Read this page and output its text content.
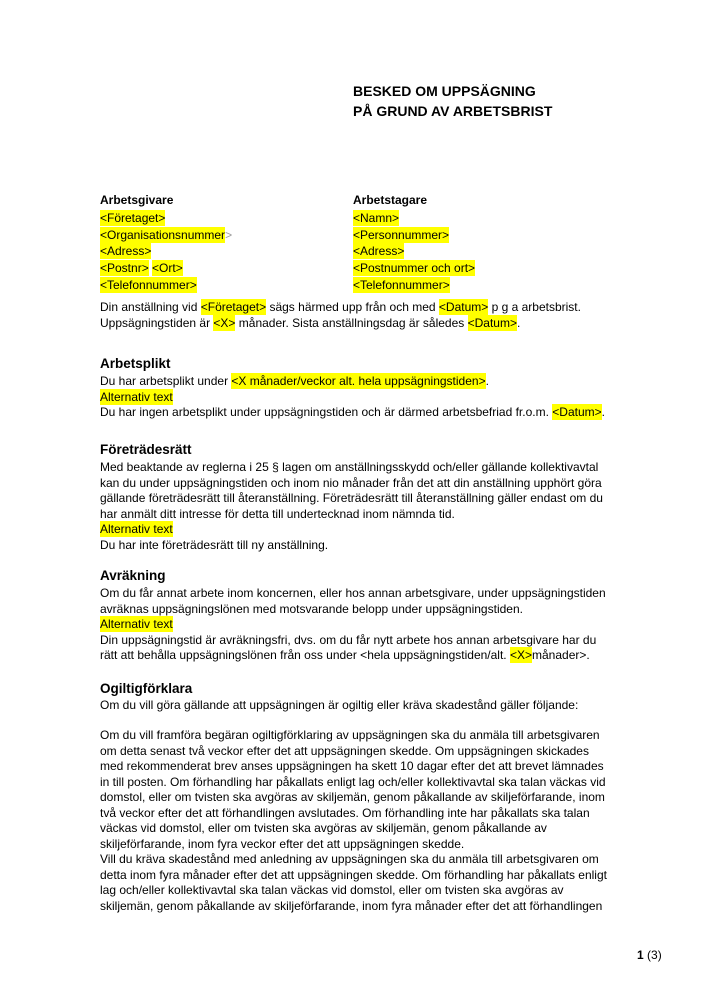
BESKED OM UPPSÄGNING
PÅ GRUND AV ARBETSBRIST
Arbetsgivare
<Företaget>
<Organisationsnummer>
<Adress>
<Postnr> <Ort>
<Telefonnummer>
Arbetstagare
<Namn>
<Personnummer>
<Adress>
<Postnummer och ort>
<Telefonnummer>
Din anställning vid <Företaget> sägs härmed upp från och med <Datum> p g a arbetsbrist.
Uppsägningstiden är <X> månader. Sista anställningsdag är således <Datum>.
Arbetsplikt
Du har arbetsplikt under <X månader/veckor alt. hela uppsägningstiden>.
Alternativ text
Du har ingen arbetsplikt under uppsägningstiden och är därmed arbetsbefriad fr.o.m. <Datum>.
Företrädesrätt
Med beaktande av reglerna i 25 § lagen om anställningsskydd och/eller gällande kollektivavtal
kan du under uppsägningstiden och inom nio månader från det att din anställning upphört göra
gällande företrädesrätt till återanställning. Företrädesrätt till återanställning gäller endast om du
har anmält ditt intresse för detta till undertecknad inom nämnda tid.
Alternativ text
Du har inte företrädesrätt till ny anställning.
Avräkning
Om du får annat arbete inom koncernen, eller hos annan arbetsgivare, under uppsägningstiden
avräknas uppsägningslönen med motsvarande belopp under uppsägningstiden.
Alternativ text
Din uppsägningstid är avräkningsfri, dvs. om du får nytt arbete hos annan arbetsgivare har du
rätt att behålla uppsägningslönen från oss under <hela uppsägningstiden/alt. <X>månader>.
Ogiltigförklara
Om du vill göra gällande att uppsägningen är ogiltig eller kräva skadestånd gäller följande:
Om du vill framföra begäran ogiltigförklaring av uppsägningen ska du anmäla till arbetsgivaren
om detta senast två veckor efter det att uppsägningen skedde. Om uppsägningen skickades
med rekommenderat brev anses uppsägningen ha skett 10 dagar efter det att brevet lämnades
in till posten. Om förhandling har påkallats enligt lag och/eller kollektivavtal ska talan väckas vid
domstol, eller om tvisten ska avgöras av skiljemän, genom påkallande av skiljeförfarande, inom
två veckor efter det att förhandlingen avslutades. Om förhandling inte har påkallats ska talan
väckas vid domstol, eller om tvisten ska avgöras av skiljemän, genom påkallande av
skiljeförfarande, inom fyra veckor efter det att uppsägningen skedde.
Vill du kräva skadestånd med anledning av uppsägningen ska du anmäla till arbetsgivaren om
detta inom fyra månader efter det att uppsägningen skedde. Om förhandling har påkallats enligt
lag och/eller kollektivavtal ska talan väckas vid domstol, eller om tvisten ska avgöras av
skiljemän, genom påkallande av skiljeförfarande, inom fyra månader efter det att förhandlingen
1 (3)
